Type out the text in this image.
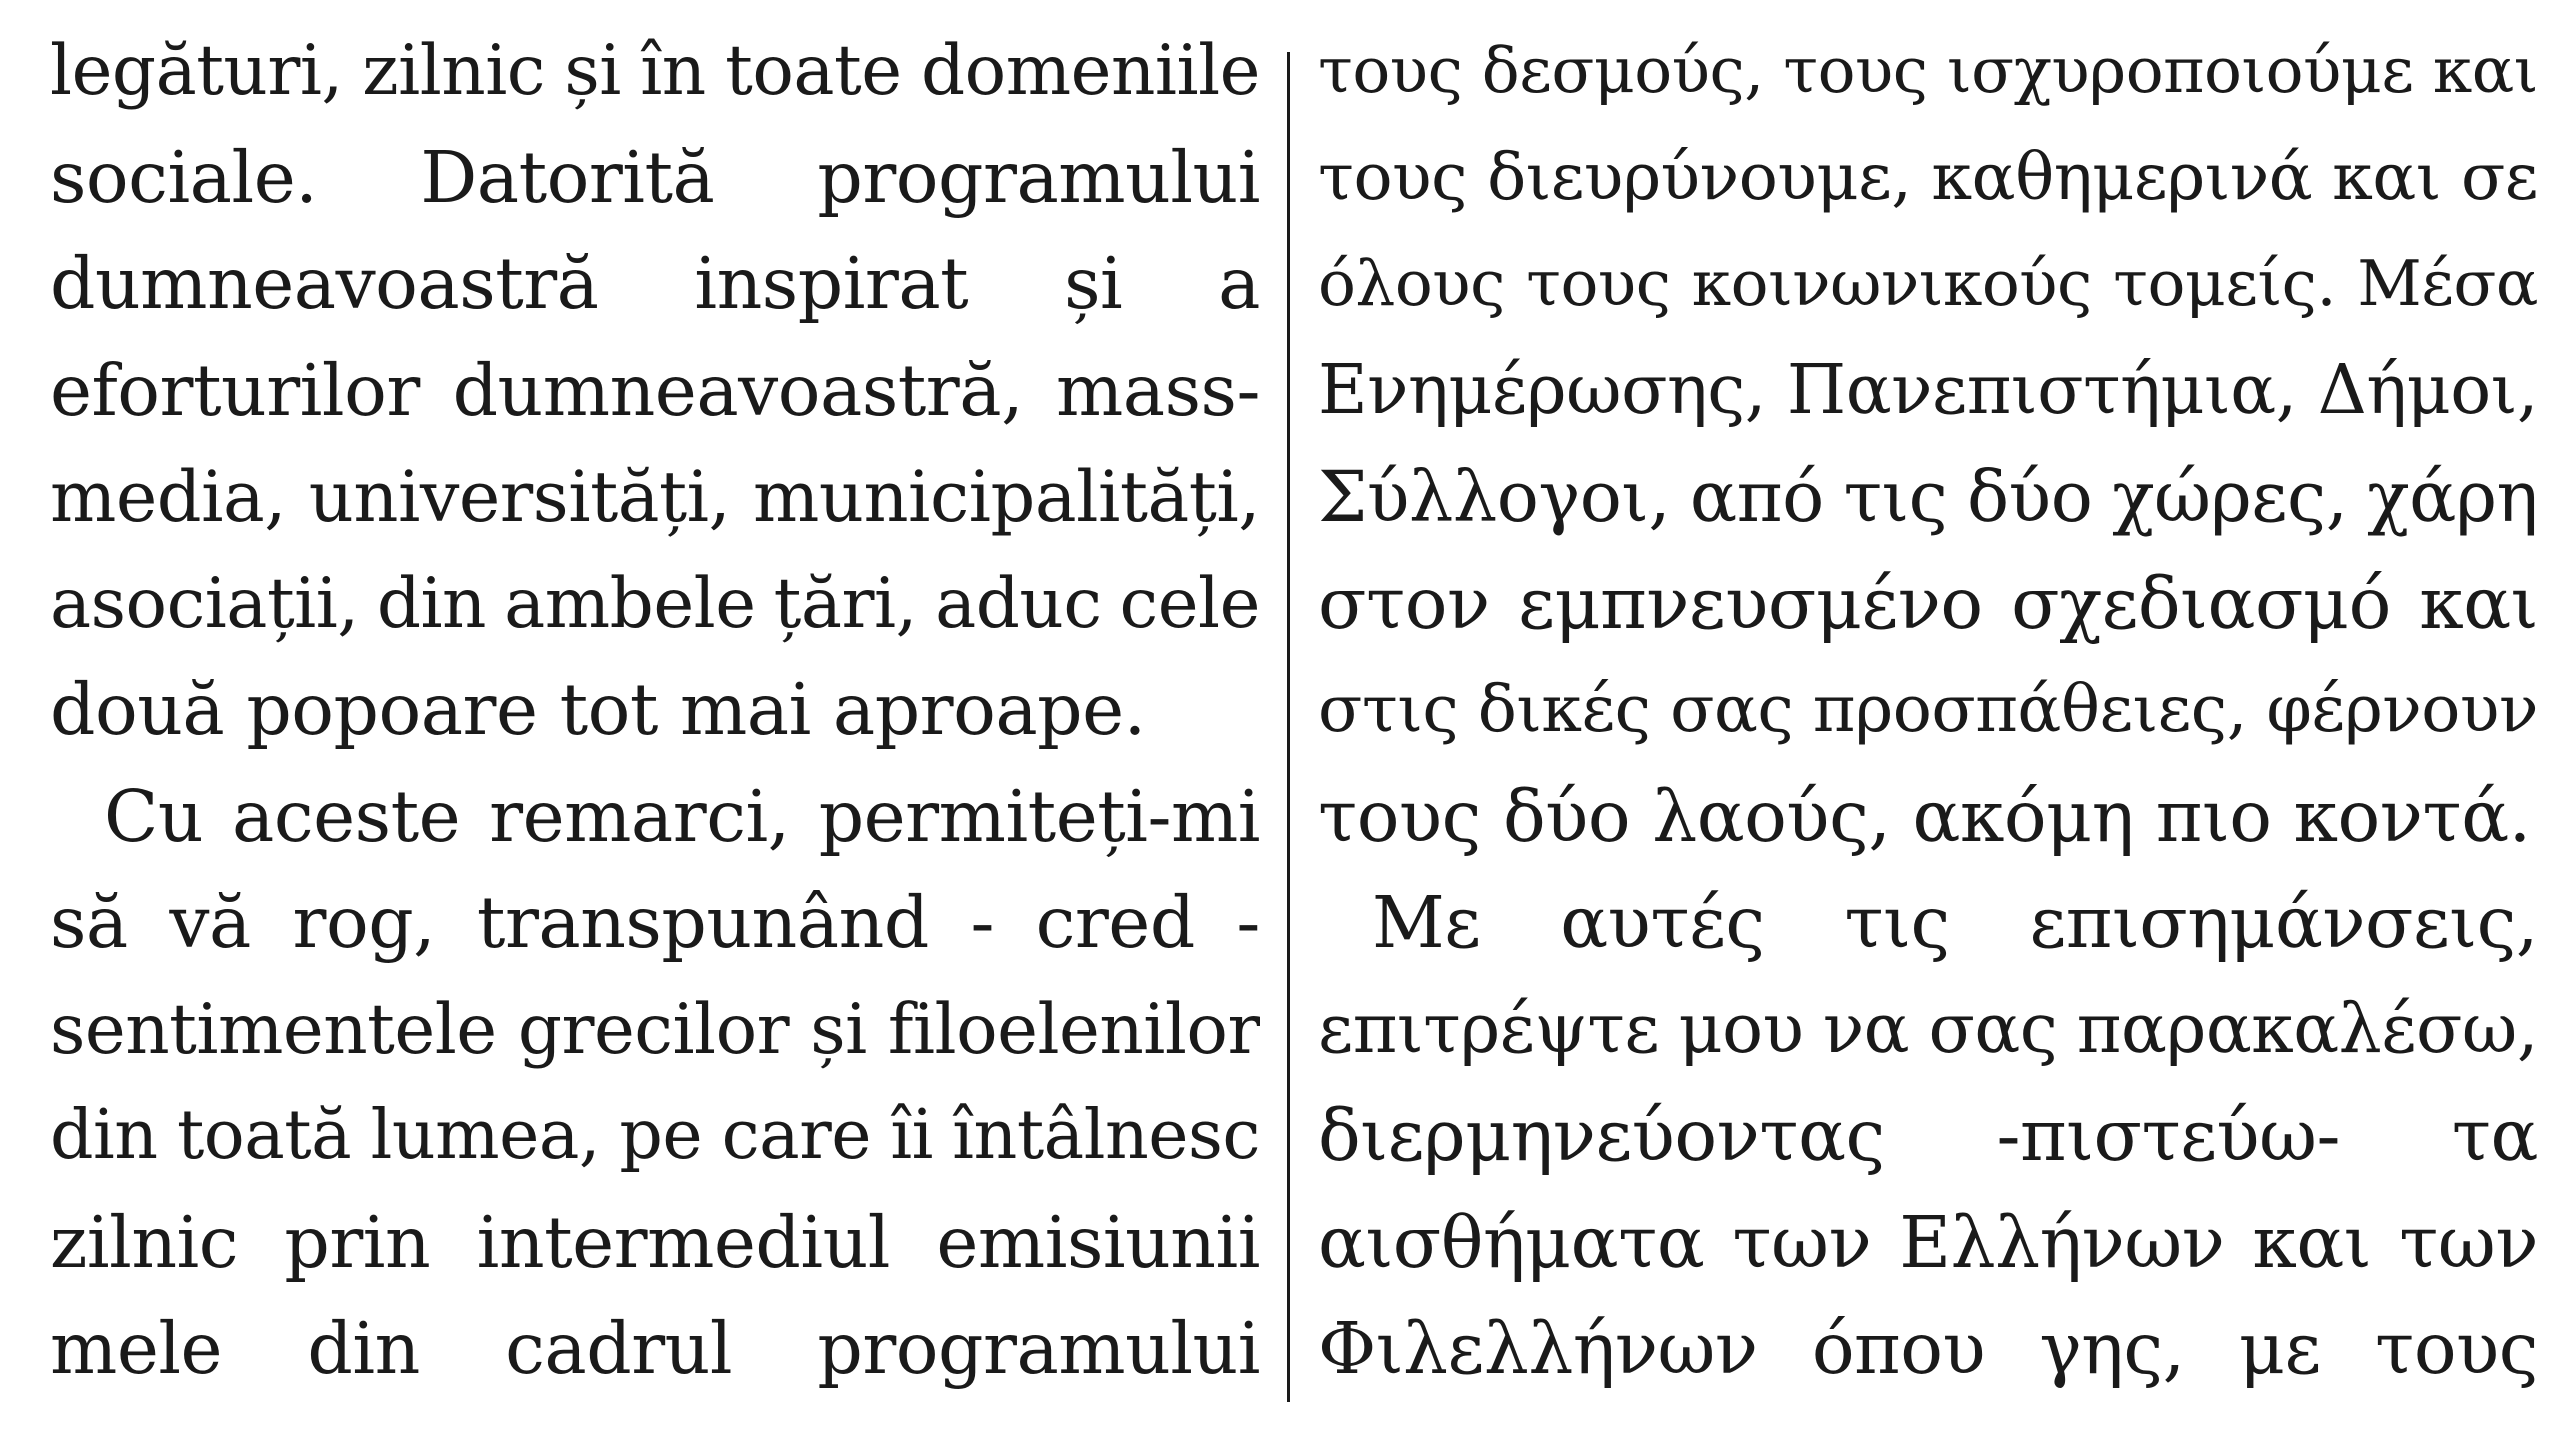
legături, zilnic și în toate domeniile
sociale. Datorită programului
dumneavoastră inspirat și a
eforturilor dumneavoastră, mass-
media, universități, municipalități,
asociații, din ambele țări, aduc cele
două popoare tot mai aproape.
Cu aceste remarci, permiteți-mi
să vă rog, transpunând - cred -
sentimentele grecilor și filoelenilor
din toată lumea, pe care îi întâlnesc
zilnic prin intermediul emisiunii
mele din cadrul programului
τους δεσμούς, τους ισχυροποιούμε και
τους διευρύνουμε, καθημερινά και σε
όλους τους κοινωνικούς τομείς. Μέσα
Ενημέρωσης, Πανεπιστήμια, Δήμοι,
Σύλλογοι, από τις δύο χώρες, χάρη
στον εμπνευσμένο σχεδιασμό και
στις δικές σας προσπάθειες, φέρνουν
τους δύο λαούς, ακόμη πιο κοντά.
Με αυτές τις επισημάνσεις,
επιτρέψτε μου να σας παρακαλέσω,
διερμηνεύοντας -πιστεύω- τα
αισθήματα των Ελλήνων και των
Φιλελλήνων όπου γης, με τους
